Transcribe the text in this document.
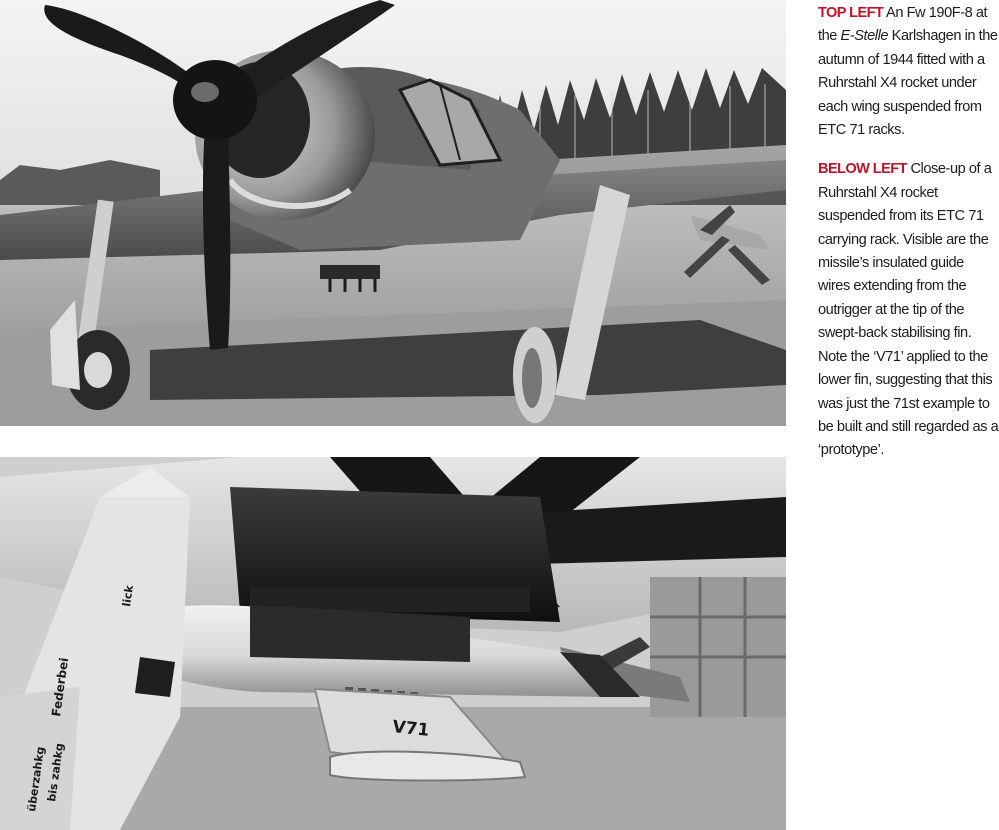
V71
Federbei
lick
überzahkg
bis zahkg

TOP LEFT An Fw 190F-8 at the E-Stelle Karlshagen in the autumn of 1944 fitted with a Ruhrstahl X4 rocket under each wing suspended from ETC 71 racks.

BELOW LEFT Close-up of a Ruhrstahl X4 rocket suspended from its ETC 71 carrying rack. Visible are the missile’s insulated guide wires extending from the outrigger at the tip of the swept-back stabilising fin. Note the ‘V71’ applied to the lower fin, suggesting that this was just the 71st example to be built and still regarded as a ‘prototype’.
